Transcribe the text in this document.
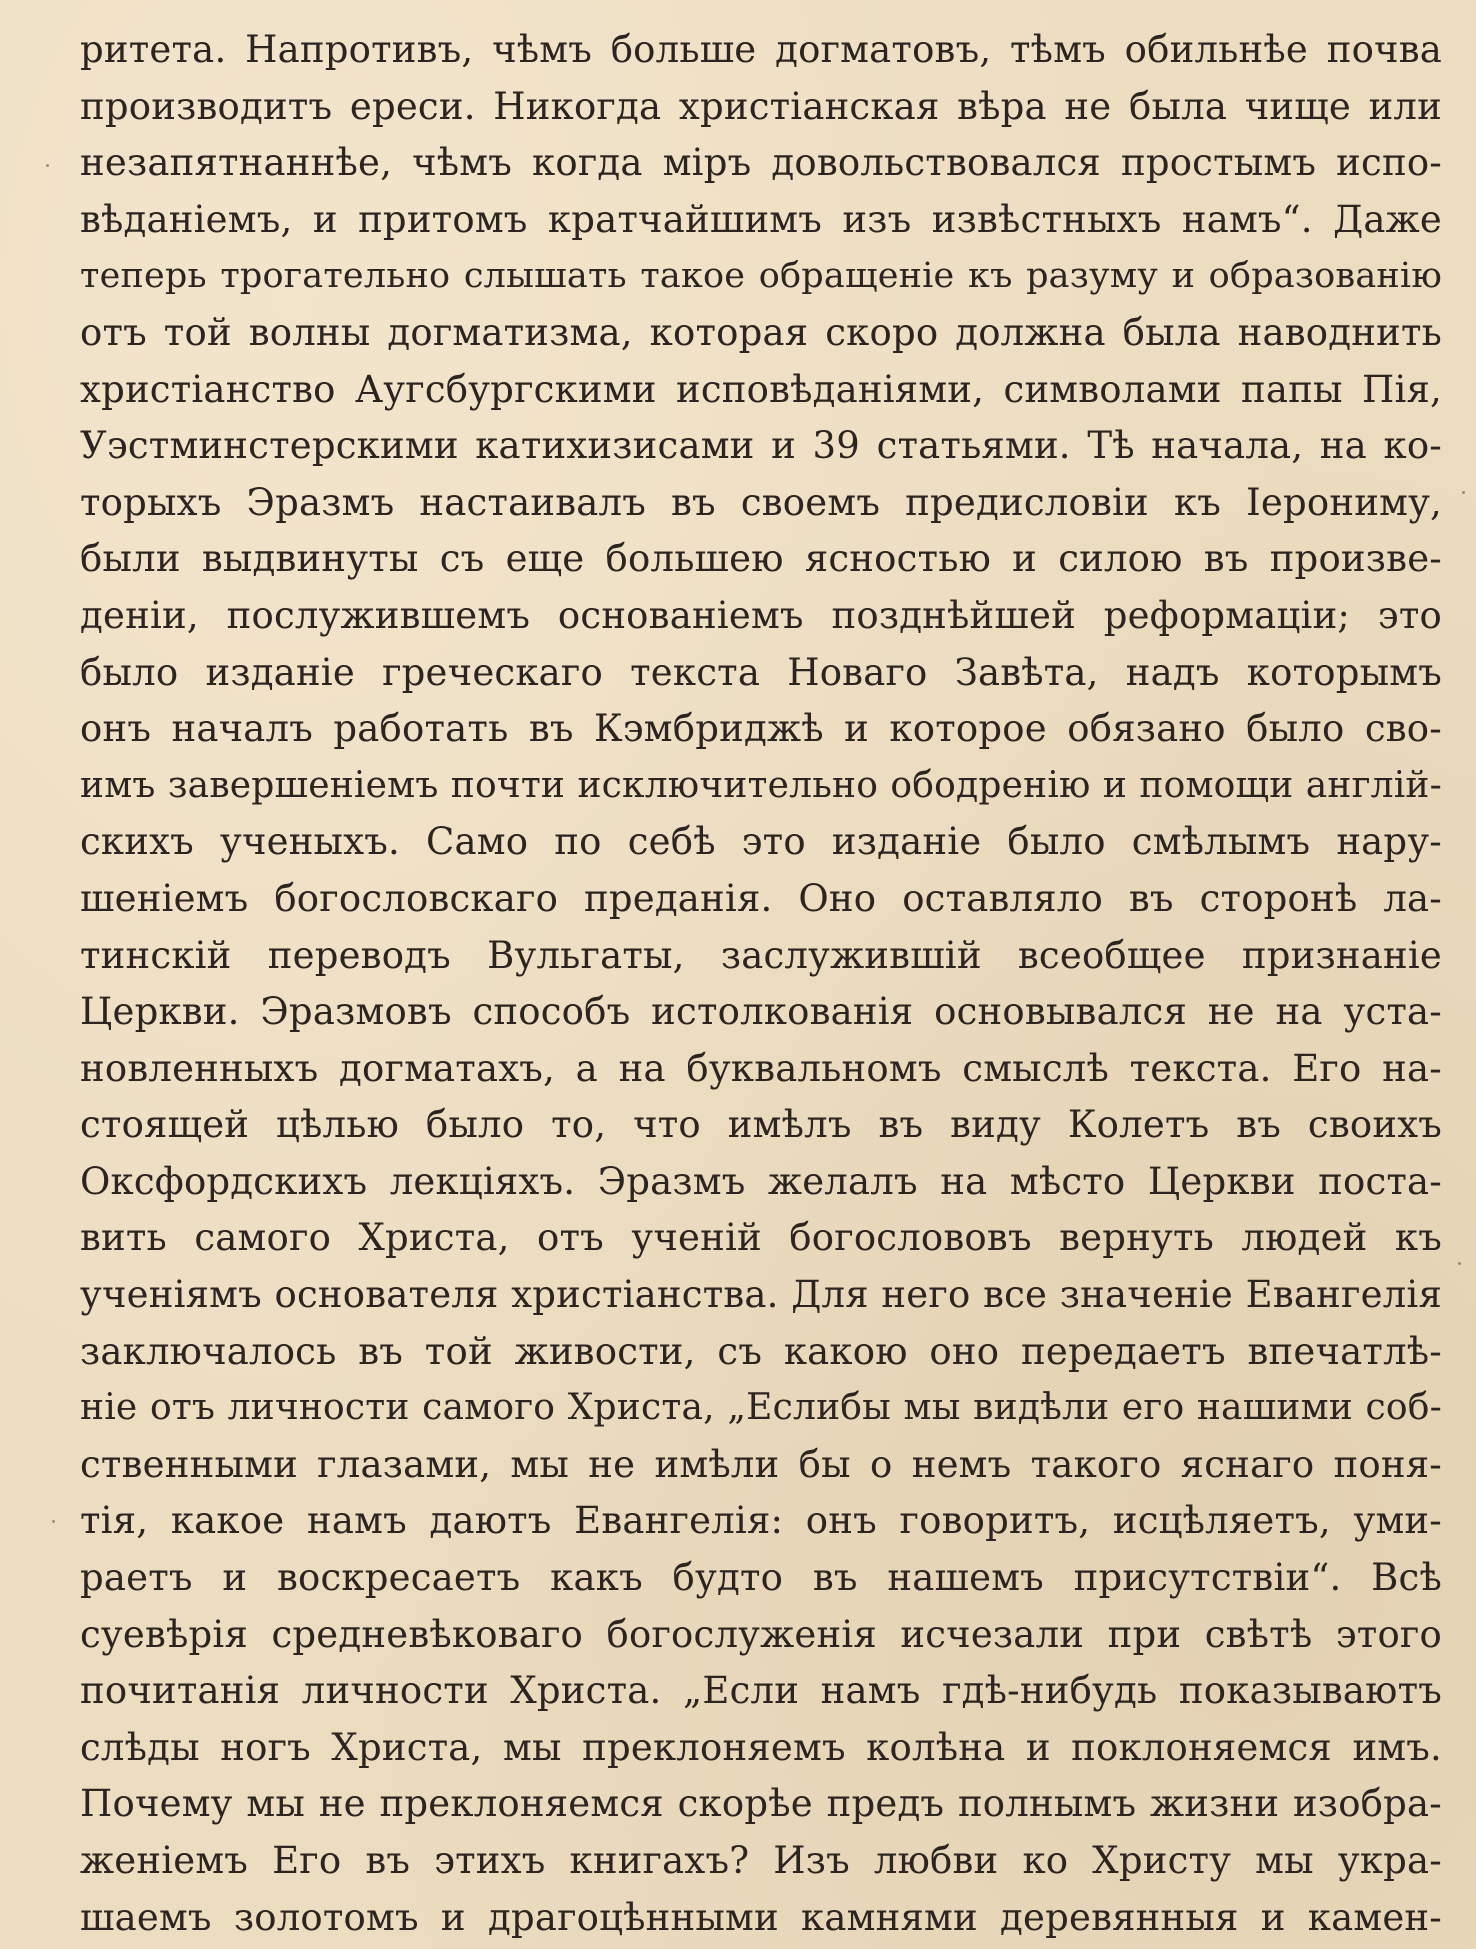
ритета. Напротивъ, чѣмъ больше догматовъ, тѣмъ обильнѣе почва
производитъ ереси. Никогда христіанская вѣра не была чище или
незапятнаннѣе, чѣмъ когда міръ довольствовался простымъ испо-
вѣданіемъ, и притомъ кратчайшимъ изъ извѣстныхъ намъ“. Даже
теперь трогательно слышать такое обращеніе къ разуму и образованію
отъ той волны догматизма, которая скоро должна была наводнить
христіанство Аугсбургскими исповѣданіями, символами папы Пія,
Уэстминстерскими катихизисами и 39 статьями. Тѣ начала, на ко-
торыхъ Эразмъ настаивалъ въ своемъ предисловіи къ Іерониму,
были выдвинуты съ еще большею ясностью и силою въ произве-
деніи, послужившемъ основаніемъ позднѣйшей реформаціи; это
было изданіе греческаго текста Новаго Завѣта, надъ которымъ
онъ началъ работать въ Кэмбриджѣ и которое обязано было сво-
имъ завершеніемъ почти исключительно ободренію и помощи англій-
скихъ ученыхъ. Само по себѣ это изданіе было смѣлымъ нару-
шеніемъ богословскаго преданія. Оно оставляло въ сторонѣ ла-
тинскій переводъ Вульгаты, заслужившій всеобщее признаніе
Церкви. Эразмовъ способъ истолкованія основывался не на уста-
новленныхъ догматахъ, а на буквальномъ смыслѣ текста. Его на-
стоящей цѣлью было то, что имѣлъ въ виду Колетъ въ своихъ
Оксфордскихъ лекціяхъ. Эразмъ желалъ на мѣсто Церкви поста-
вить самого Христа, отъ ученій богослововъ вернуть людей къ
ученіямъ основателя христіанства. Для него все значеніе Евангелія
заключалось въ той живости, съ какою оно передаетъ впечатлѣ-
ніе отъ личности самого Христа, „Еслибы мы видѣли его нашими соб-
ственными глазами, мы не имѣли бы о немъ такого яснаго поня-
тія, какое намъ даютъ Евангелія: онъ говоритъ, исцѣляетъ, уми-
раетъ и воскресаетъ какъ будто въ нашемъ присутствіи“. Всѣ
суевѣрія средневѣковаго богослуженія исчезали при свѣтѣ этого
почитанія личности Христа. „Если намъ гдѣ-нибудь показываютъ
слѣды ногъ Христа, мы преклоняемъ колѣна и поклоняемся имъ.
Почему мы не преклоняемся скорѣе предъ полнымъ жизни изобра-
женіемъ Его въ этихъ книгахъ? Изъ любви ко Христу мы укра-
шаемъ золотомъ и драгоцѣнными камнями деревянныя и камен-
